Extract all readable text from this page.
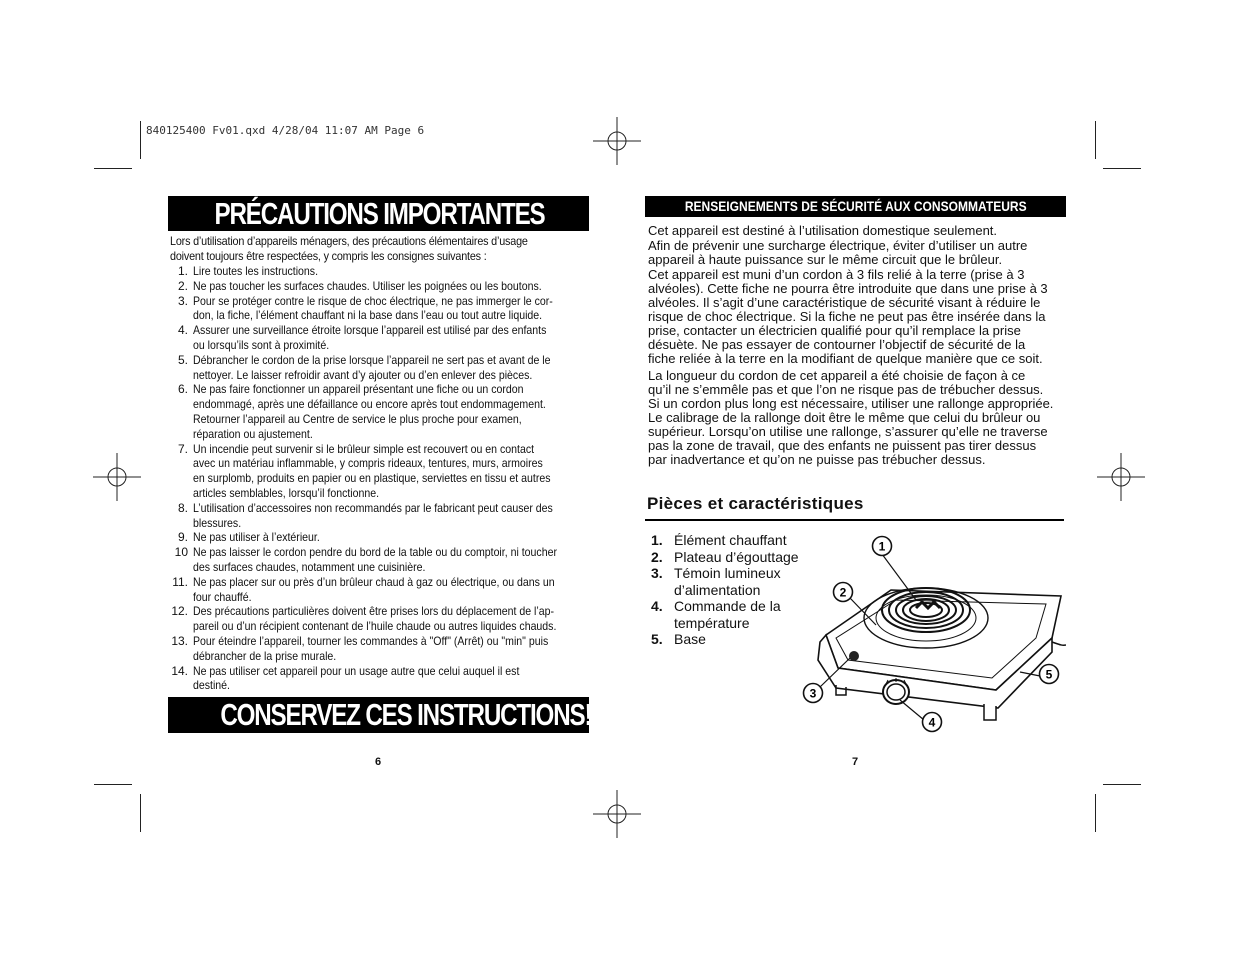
840125400 Fv01.qxd 4/28/04 11:07 AM Page 6
PRÉCAUTIONS IMPORTANTES

Lors d’utilisation d’appareils ménagers, des précautions élémentaires d’usage

doivent toujours être respectées, y compris les consignes suivantes :

1. Lire toutes les instructions.
2. Ne pas toucher les surfaces chaudes. Utiliser les poignées ou les boutons.
3. Pour se protéger contre le risque de choc électrique, ne pas immerger le cor-
don, la fiche, l’élément chauffant ni la base dans l’eau ou tout autre liquide.
4. Assurer une surveillance étroite lorsque l’appareil est utilisé par des enfants
ou lorsqu’ils sont à proximité.
5. Débrancher le cordon de la prise lorsque l’appareil ne sert pas et avant de le
nettoyer. Le laisser refroidir avant d’y ajouter ou d’en enlever des pièces.
6. Ne pas faire fonctionner un appareil présentant une fiche ou un cordon
endommagé, après une défaillance ou encore après tout endommagement.
Retourner l’appareil au Centre de service le plus proche pour examen,
réparation ou ajustement.
7. Un incendie peut survenir si le brûleur simple est recouvert ou en contact
avec un matériau inflammable, y compris rideaux, tentures, murs, armoires
en surplomb, produits en papier ou en plastique, serviettes en tissu et autres
articles semblables, lorsqu’il fonctionne.
8. L’utilisation d’accessoires non recommandés par le fabricant peut causer des
blessures.
9. Ne pas utiliser à l’extérieur.
10 Ne pas laisser le cordon pendre du bord de la table ou du comptoir, ni toucher
des surfaces chaudes, notamment une cuisinière.
11. Ne pas placer sur ou près d’un brûleur chaud à gaz ou électrique, ou dans un
four chauffé.
12. Des précautions particulières doivent être prises lors du déplacement de l’ap-
pareil ou d’un récipient contenant de l’huile chaude ou autres liquides chauds.
13. Pour éteindre l’appareil, tourner les commandes à "Off" (Arrêt) ou "min" puis
débrancher de la prise murale.
14. Ne pas utiliser cet appareil pour un usage autre que celui auquel il est
destiné.
CONSERVEZ CES INSTRUCTIONS!
6
RENSEIGNEMENTS DE SÉCURITÉ AUX CONSOMMATEURS

Cet appareil est destiné à l’utilisation domestique seulement.

Afin de prévenir une surcharge électrique, éviter d’utiliser un autre
appareil à haute puissance sur le même circuit que le brûleur.

Cet appareil est muni d’un cordon à 3 fils relié à la terre (prise à 3
alvéoles). Cette fiche ne pourra être introduite que dans une prise à 3
alvéoles. Il s’agit d’une caractéristique de sécurité visant à réduire le
risque de choc électrique. Si la fiche ne peut pas être insérée dans la
prise, contacter un électricien qualifié pour qu’il remplace la prise
désuète. Ne pas essayer de contourner l’objectif de sécurité de la
fiche reliée à la terre en la modifiant de quelque manière que ce soit.

La longueur du cordon de cet appareil a été choisie de façon à ce
qu’il ne s’emmêle pas et que l’on ne risque pas de trébucher dessus.
Si un cordon plus long est nécessaire, utiliser une rallonge appropriée.
Le calibrage de la rallonge doit être le même que celui du brûleur ou
supérieur. Lorsqu’on utilise une rallonge, s’assurer qu’elle ne traverse
pas la zone de travail, que des enfants ne puissent pas tirer dessus
par inadvertance et qu’on ne puisse pas trébucher dessus.

Pièces et caractéristiques
1. Élément chauffant
2. Plateau d’égouttage
3. Témoin lumineux
d’alimentation
4. Commande de la
température
5. Base
1
2
3
4
5
7
